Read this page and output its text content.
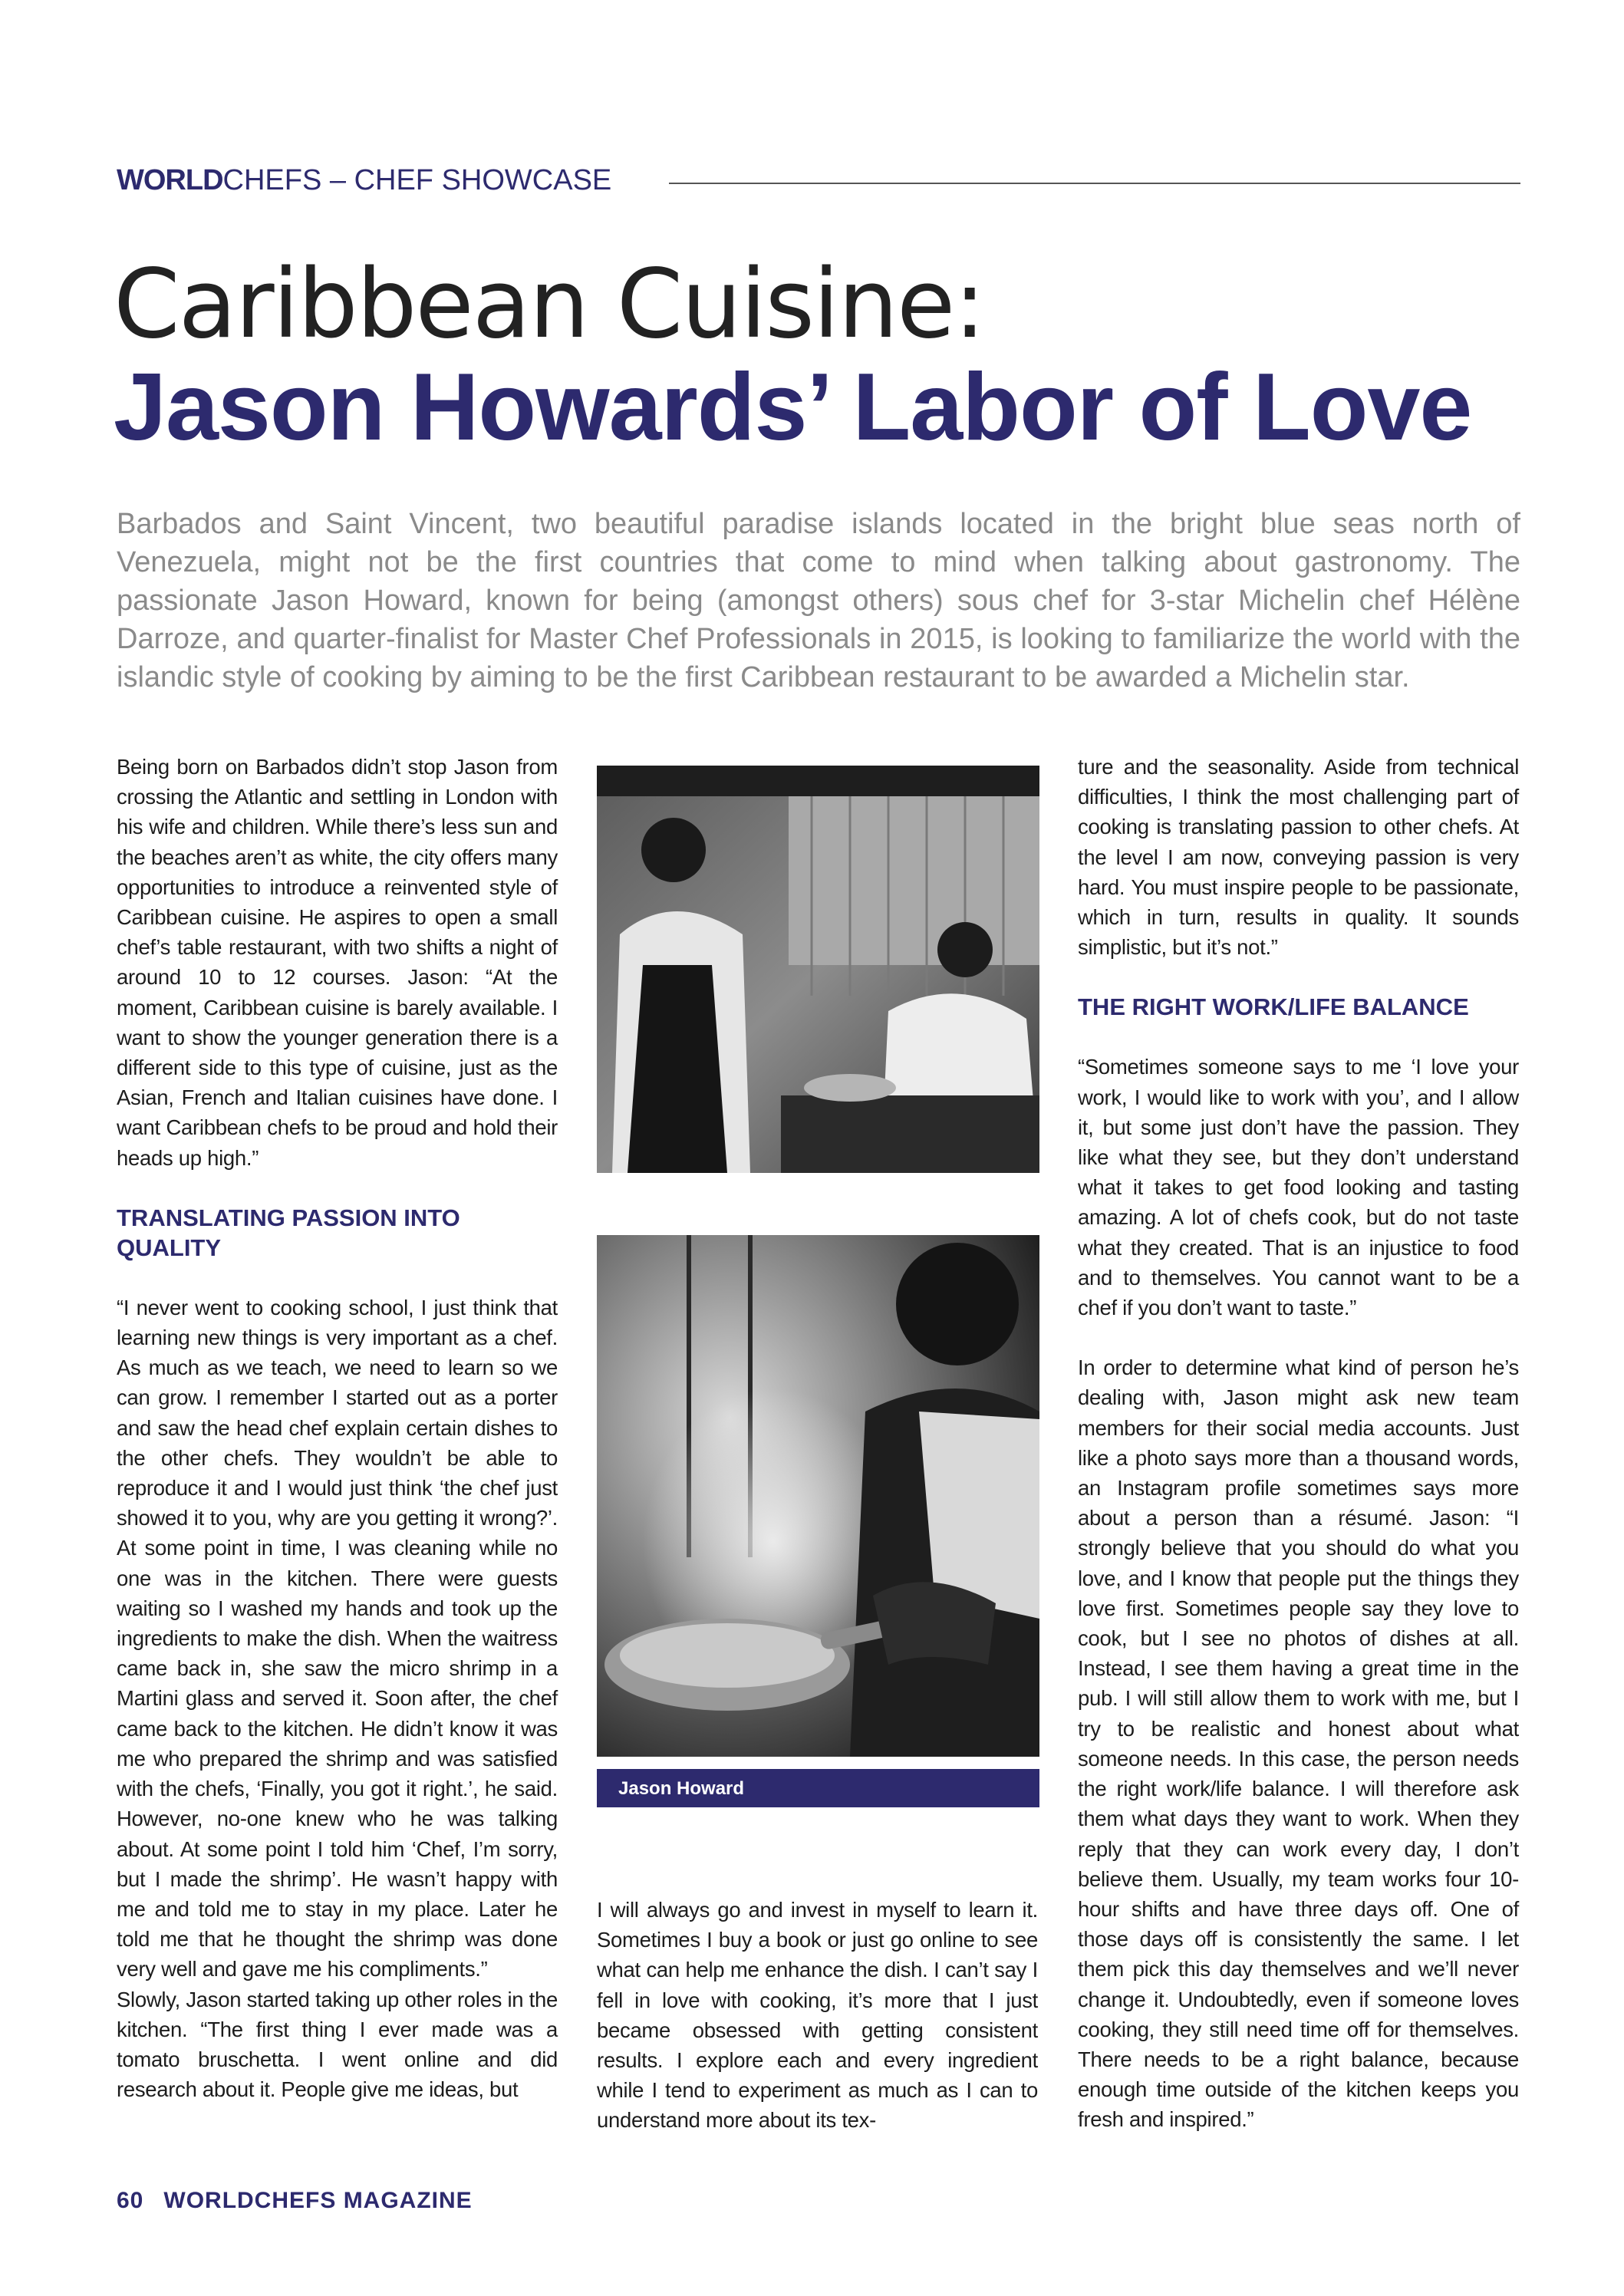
WORLDCHEFS – CHEF SHOWCASE
Caribbean Cuisine:
Jason Howards’ Labor of Love
Barbados and Saint Vincent, two beautiful paradise islands located in the bright blue seas north of Venezuela, might not be the first countries that come to mind when talking about gastronomy. The passionate Jason Howard, known for being (amongst others) sous chef for 3-star Michelin chef Hélène Darroze, and quarter-finalist for Master Chef Professionals in 2015, is looking to familiarize the world with the islandic style of cooking by aiming to be the first Caribbean restaurant to be awarded a Michelin star.

Being born on Barbados didn’t stop Jason from crossing the Atlantic and settling in London with his wife and children. While there’s less sun and the beaches aren’t as white, the city offers many opportunities to introduce a reinvented style of Caribbean cuisine. He aspires to open a small chef’s table restaurant, with two shifts a night of around 10 to 12 courses. Jason: “At the moment, Caribbean cuisine is barely available. I want to show the younger generation there is a different side to this type of cuisine, just as the Asian, French and Italian cuisines have done. I want Caribbean chefs to be proud and hold their heads up high.”

TRANSLATING PASSION INTO QUALITY

“I never went to cooking school, I just think that learning new things is very important as a chef. As much as we teach, we need to learn so we can grow. I remember I started out as a porter and saw the head chef explain certain dishes to the other chefs. They wouldn’t be able to reproduce it and I would just think ‘the chef just showed it to you, why are you getting it wrong?’. At some point in time, I was cleaning while no one was in the kitchen. There were guests waiting so I washed my hands and took up the ingredients to make the dish. When the waitress came back in, she saw the micro shrimp in a Martini glass and served it. Soon after, the chef came back to the kitchen. He didn’t know it was me who prepared the shrimp and was satisfied with the chefs, ‘Finally, you got it right.’, he said. However, no-one knew who he was talking about. At some point I told him ‘Chef, I’m sorry, but I made the shrimp’. He wasn’t happy with me and told me to stay in my place. Later he told me that he thought the shrimp was done very well and gave me his compliments.”

Slowly, Jason started taking up other roles in the kitchen. “The first thing I ever made was a tomato bruschetta. I went online and did research about it. People give me ideas, but

Jason Howard

I will always go and invest in myself to learn it. Sometimes I buy a book or just go online to see what can help me enhance the dish. I can’t say I fell in love with cooking, it’s more that I just became obsessed with getting consistent results. I explore each and every ingredient while I tend to experiment as much as I can to understand more about its tex-

ture and the seasonality. Aside from technical difficulties, I think the most challenging part of cooking is translating passion to other chefs. At the level I am now, conveying passion is very hard. You must inspire people to be passionate, which in turn, results in quality. It sounds simplistic, but it’s not.”

THE RIGHT WORK/LIFE BALANCE

“Sometimes someone says to me ‘I love your work, I would like to work with you’, and I allow it, but some just don’t have the passion. They like what they see, but they don’t understand what it takes to get food looking and tasting amazing. A lot of chefs cook, but do not taste what they created. That is an injustice to food and to themselves. You cannot want to be a chef if you don’t want to taste.”

In order to determine what kind of person he’s dealing with, Jason might ask new team members for their social media accounts. Just like a photo says more than a thousand words, an Instagram profile sometimes says more about a person than a résumé. Jason: “I strongly believe that you should do what you love, and I know that people put the things they love first. Sometimes people say they love to cook, but I see no photos of dishes at all. Instead, I see them having a great time in the pub. I will still allow them to work with me, but I try to be realistic and honest about what someone needs. In this case, the person needs the right work/life balance. I will therefore ask them what days they want to work. When they reply that they can work every day, I don’t believe them. Usually, my team works four 10-hour shifts and have three days off. One of those days off is consistently the same. I let them pick this day themselves and we’ll never change it. Undoubtedly, even if someone loves cooking, they still need time off for themselves. There needs to be a right balance, because enough time outside of the kitchen keeps you fresh and inspired.”

60 WORLDCHEFS MAGAZINE
